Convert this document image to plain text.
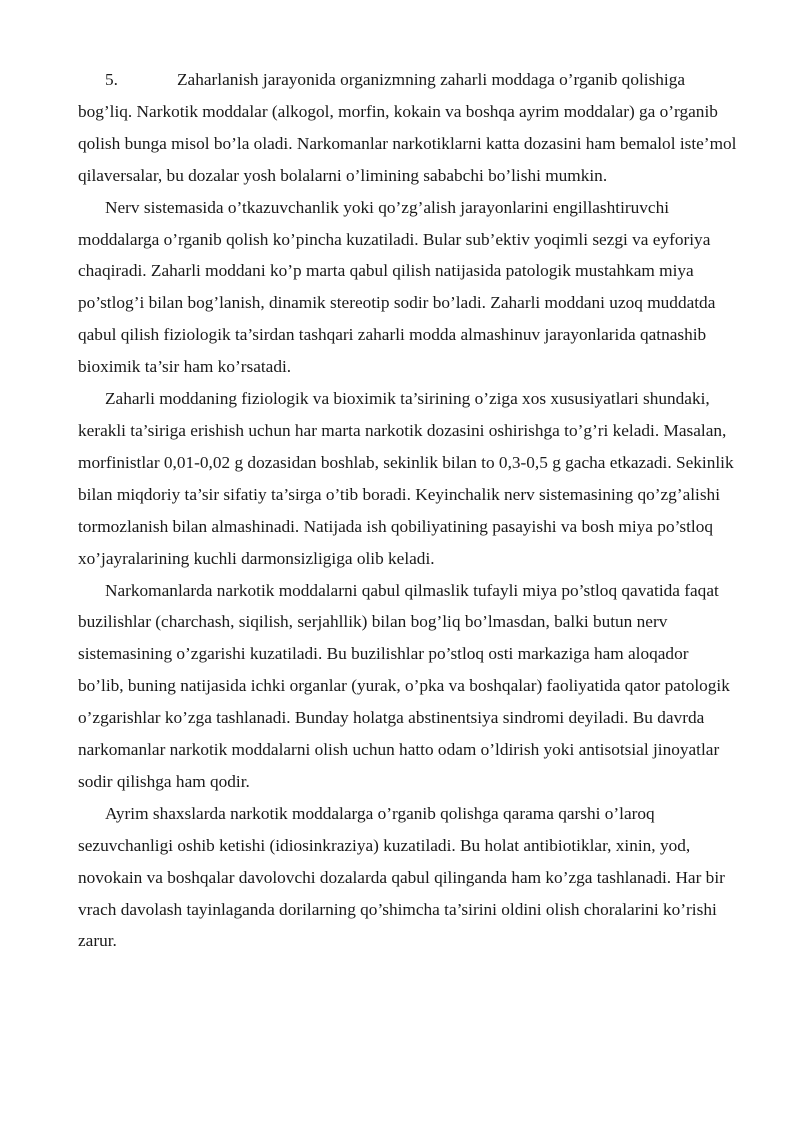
5.	Zaharlanish jarayonida organizmning zaharli moddaga o’rganib qolishiga bog’liq. Narkotik moddalar (alkogol, morfin, kokain va boshqa ayrim moddalar) ga o’rganib qolish bunga misol bo’la oladi. Narkomanlar narkotiklarni katta dozasini ham bemalol iste’mol qilaversalar, bu dozalar yosh bolalarni o’limining sababchi bo’lishi mumkin.

Nerv sistemasida o’tkazuvchanlik yoki qo’zg’alish jarayonlarini engillashtiruvchi moddalarga o’rganib qolish ko’pincha kuzatiladi. Bular sub’ektiv yoqimli sezgi va eyforiya chaqiradi. Zaharli moddani ko’p marta qabul qilish natijasida patologik mustahkam miya po’stlog’i bilan bog’lanish, dinamik stereotip sodir bo’ladi. Zaharli moddani uzoq muddatda qabul qilish fiziologik ta’sirdan tashqari zaharli modda almashinuv jarayonlarida qatnashib bioximik ta’sir ham ko’rsatadi.

Zaharli moddaning fiziologik va bioximik ta’sirining o’ziga xos xususiyatlari shundaki, kerakli ta’siriga erishish uchun har marta narkotik dozasini oshirishga to’g’ri keladi. Masalan, morfinistlar 0,01-0,02 g dozasidan boshlab, sekinlik bilan to 0,3-0,5 g gacha etkazadi. Sekinlik bilan miqdoriy ta’sir sifatiy ta’sirga o’tib boradi. Keyinchalik nerv sistemasining qo’zg’alishi tormozlanish bilan almashinadi. Natijada ish qobiliyatining pasayishi va bosh miya po’stloq xo’jayralarining kuchli darmonsizligiga olib keladi.

Narkomanlarda narkotik moddalarni qabul qilmaslik tufayli miya po’stloq qavatida faqat buzilishlar (charchash, siqilish, serjahllik) bilan bog’liq bo’lmasdan, balki butun nerv sistemasining o’zgarishi kuzatiladi. Bu buzilishlar po’stloq osti markaziga ham aloqador bo’lib, buning natijasida ichki organlar (yurak, o’pka va boshqalar) faoliyatida qator patologik o’zgarishlar ko’zga tashlanadi. Bunday holatga abstinentsiya sindromi deyiladi. Bu davrda narkomanlar narkotik moddalarni olish uchun hatto odam o’ldirish yoki antisotsial jinoyatlar sodir qilishga ham qodir.

Ayrim shaxslarda narkotik moddalarga o’rganib qolishga qarama qarshi o’laroq sezuvchanligi oshib ketishi (idiosinkraziya) kuzatiladi. Bu holat antibiotiklar, xinin, yod, novokain va boshqalar davolovchi dozalarda qabul qilinganda ham ko’zga tashlanadi. Har bir vrach davolash tayinlaganda dorilarning qo’shimcha ta’sirini oldini olish choralarini ko’rishi zarur.
